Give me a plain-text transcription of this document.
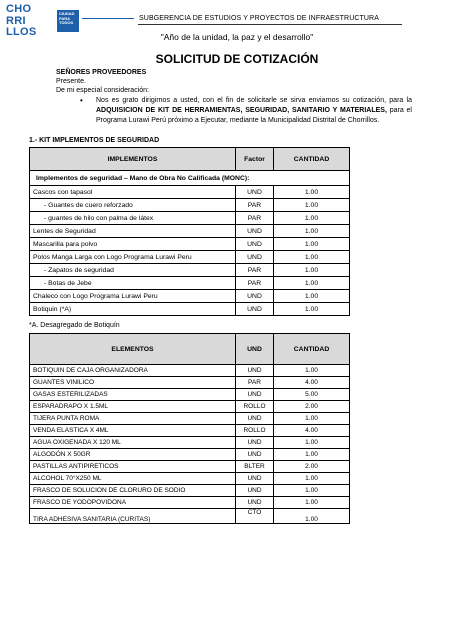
CHO
RRI
LLOS
CIUDAD PARA TODOS
SUBGERENCIA DE ESTUDIOS Y PROYECTOS DE INFRAESTRUCTURA
"Año de la unidad, la paz y el desarrollo"
SOLICITUD DE COTIZACIÓN
SEÑORES PROVEEDORES
Presente.
De mi especial consideración:
• Nos es grato dirigirnos a usted, con el fin de solicitarle se sirva enviarnos su cotización, para la ADQUISICION DE KIT DE HERRAMIENTAS, SEGURIDAD, SANITARIO Y MATERIALES, para el Programa Lurawi Perú próximo a Ejecutar, mediante la Municipalidad Distrital de Chorrillos.
1.- KIT IMPLEMENTOS DE SEGURIDAD
IMPLEMENTOS	Factor	CANTIDAD
Implementos de seguridad – Mano de Obra No Calificada (MONC):		
Cascos con tapasol	UND	1.00
- Guantes de cuero reforzado	PAR	1.00
- guantes de hilo con palma de látex	PAR	1.00
Lentes de Seguridad	UND	1.00
Mascarilla para polvo	UND	1.00
Polos Manga Larga con Logo Programa Lurawi Peru	UND	1.00
- Zapatos de seguridad	PAR	1.00
- Botas de Jebe	PAR	1.00
Chaleco con Logo Programa Lurawi Peru	UND	1.00
Botiquin (*A)	UND	1.00
*A. Desagregado de Botiquín
ELEMENTOS	UND	CANTIDAD
BOTIQUIN DE CAJA ORGANIZADORA	UND	1.00
GUANTES VINILICO	PAR	4.00
GASAS ESTERILIZADAS	UND	5.00
ESPARADRAPO X 1.5ML	ROLLO	2.00
TIJERA PUNTA ROMA	UND	1.00
VENDA ELASTICA X 4ML	ROLLO	4.00
AGUA OXIGENADA X 120 ML	UND	1.00
ALGODÓN X 50GR	UND	1.00
PASTILLAS ANTIPIRETICOS	BLTER	2.00
ALCOHOL 70°X250 ML	UND	1.00
FRASCO DE SOLUCION DE CLORURO DE SODIO	UND	1.00
FRASCO DE YODOPOVIDONA	UND	1.00
TIRA ADHESIVA SANITARIA (CURITAS)	CTO	1.00
